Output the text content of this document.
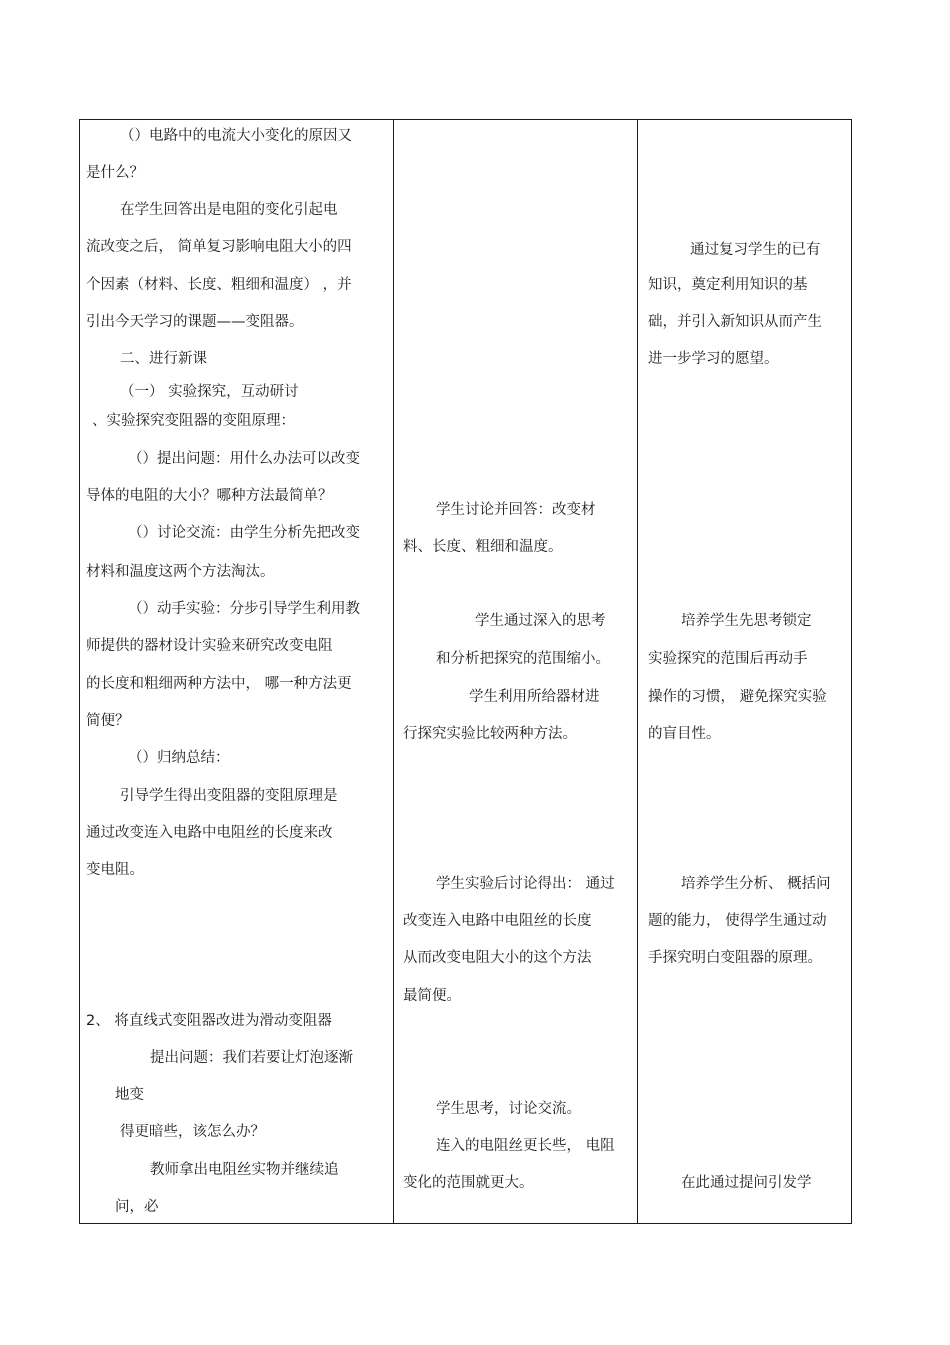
（）电路中的电流大小变化的原因又
是什么？
在学生回答出是电阻的变化引起电
流改变之后， 简单复习影响电阻大小的四
个因素（材料、长度、粗细和温度） ，并
引出今天学习的课题——变阻器。
二、进行新课
（一） 实验探究，互动研讨
、实验探究变阻器的变阻原理：
（）提出问题：用什么办法可以改变
导体的电阻的大小？哪种方法最简单？
（）讨论交流：由学生分析先把改变
材料和温度这两个方法淘汰。
（）动手实验：分步引导学生利用教
师提供的器材设计实验来研究改变电阻
的长度和粗细两种方法中， 哪一种方法更
简便？
（）归纳总结：
引导学生得出变阻器的变阻原理是
通过改变连入电路中电阻丝的长度来改
变电阻。
2、 将直线式变阻器改进为滑动变阻器
提出问题：我们若要让灯泡逐渐
地变
得更暗些，该怎么办？
教师拿出电阻丝实物并继续追
问，必
学生讨论并回答：改变材
料、长度、粗细和温度。
学生通过深入的思考
和分析把探究的范围缩小。
学生利用所给器材进
行探究实验比较两种方法。
学生实验后讨论得出： 通过
改变连入电路中电阻丝的长度
从而改变电阻大小的这个方法
最简便。
学生思考，讨论交流。
连入的电阻丝更长些， 电阻
变化的范围就更大。
通过复习学生的已有
知识，奠定利用知识的基
础，并引入新知识从而产生
进一步学习的愿望。
培养学生先思考锁定
实验探究的范围后再动手
操作的习惯， 避免探究实验
的盲目性。
培养学生分析、 概括问
题的能力， 使得学生通过动
手探究明白变阻器的原理。
在此通过提问引发学
